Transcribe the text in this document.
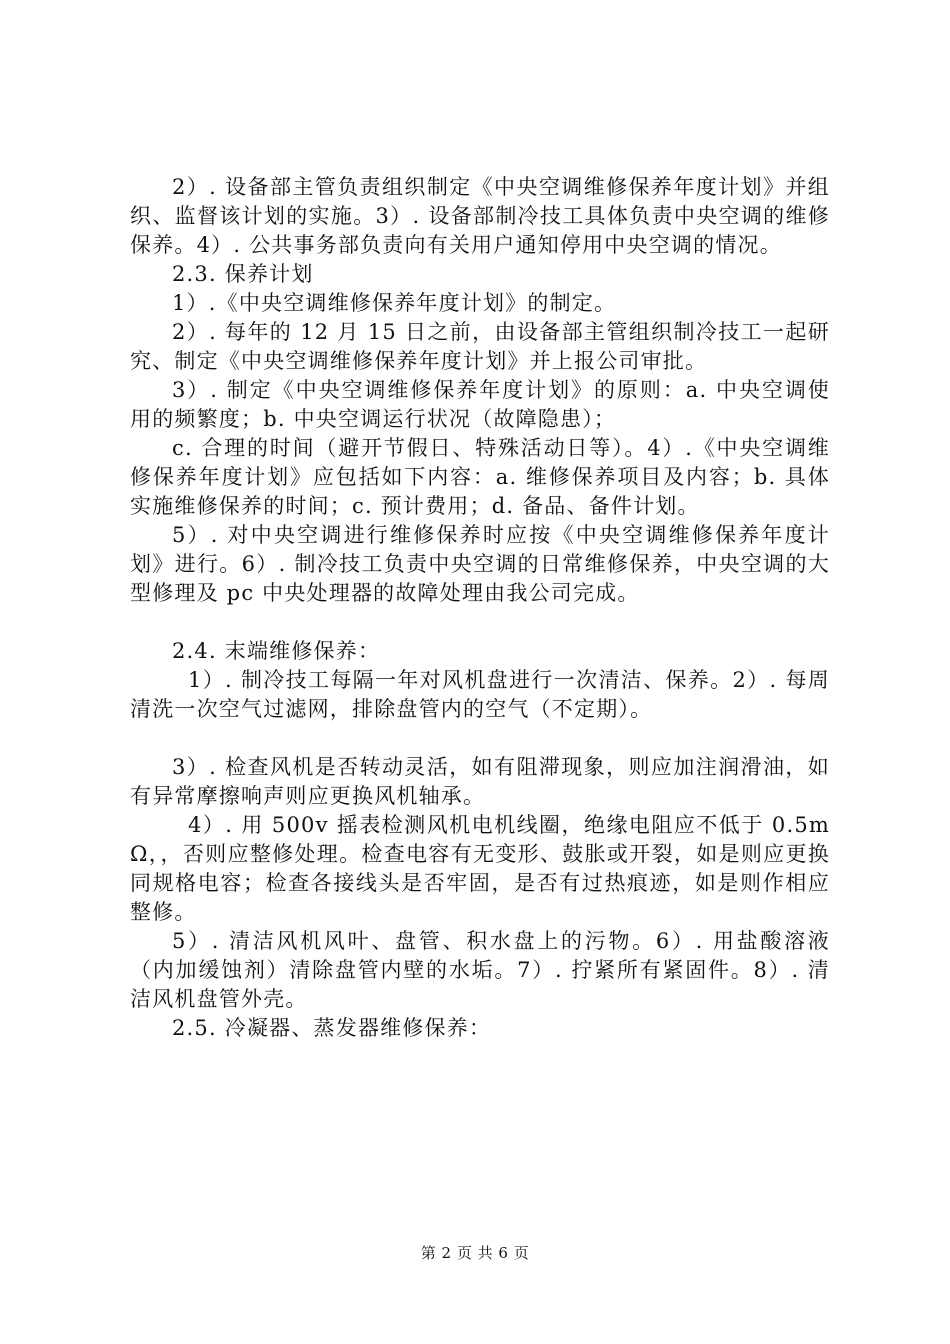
2）. 设备部主管负责组织制定《中央空调维修保养年度计划》并组织、监督该计划的实施。3）. 设备部制冷技工具体负责中央空调的维修保养。4）. 公共事务部负责向有关用户通知停用中央空调的情况。

2.3. 保养计划

1）.《中央空调维修保养年度计划》的制定。

2）. 每年的 12 月 15 日之前，由设备部主管组织制冷技工一起研究、制定《中央空调维修保养年度计划》并上报公司审批。

3）. 制定《中央空调维修保养年度计划》的原则：a. 中央空调使用的频繁度；b. 中央空调运行状况（故障隐患）；

c. 合理的时间（避开节假日、特殊活动日等）。4）.《中央空调维修保养年度计划》应包括如下内容：a. 维修保养项目及内容；b. 具体实施维修保养的时间；c. 预计费用；d. 备品、备件计划。

5）. 对中央空调进行维修保养时应按《中央空调维修保养年度计划》进行。6）. 制冷技工负责中央空调的日常维修保养，中央空调的大型修理及 pc 中央处理器的故障处理由我公司完成。

2.4. 末端维修保养：

1）. 制冷技工每隔一年对风机盘进行一次清洁、保养。2）. 每周清洗一次空气过滤网，排除盘管内的空气（不定期）。

3）. 检查风机是否转动灵活，如有阻滞现象，则应加注润滑油，如有异常摩擦响声则应更换风机轴承。

4）. 用 500v 摇表检测风机电机线圈，绝缘电阻应不低于 0.5mΩ，，否则应整修处理。检查电容有无变形、鼓胀或开裂，如是则应更换同规格电容；检查各接线头是否牢固，是否有过热痕迹，如是则作相应整修。

5）. 清洁风机风叶、盘管、积水盘上的污物。6）. 用盐酸溶液（内加缓蚀剂）清除盘管内壁的水垢。7）. 拧紧所有紧固件。8）. 清洁风机盘管外壳。

2.5. 冷凝器、蒸发器维修保养：

第 2 页 共 6 页
